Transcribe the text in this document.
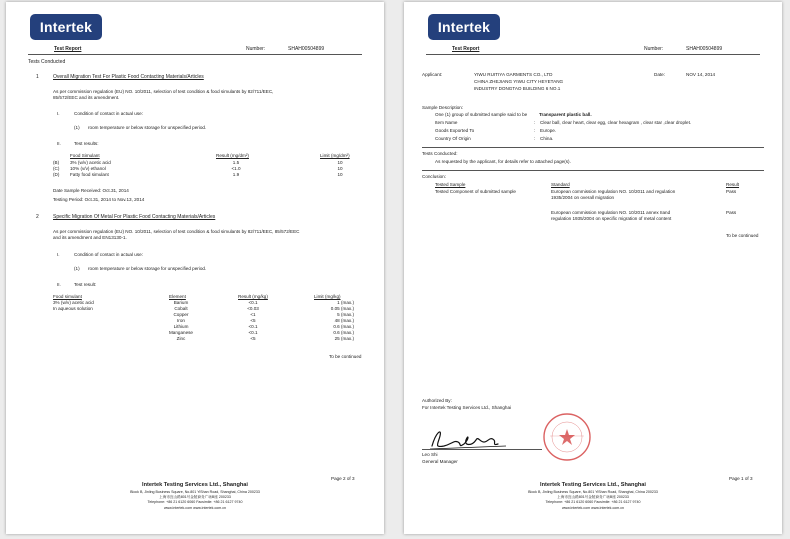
Intertek
Test Report	Number:	SHAH00504899
Tests Conducted
1	Overall Migration Test For Plastic Food Contacting Materials/Articles
As per commission regulation (EU) NO. 10/2011, selection of test condition & food simulants by 82/711/EEC,
85/572/EEC and its amendment.
I.	Condition of contact in actual use:
(1) room temperature or below storage for unspecified period.
II.	Test results:
Food Simulant	Result (mg/dm²)	Limit (mg/dm²)
(B) 3% (w/v) acetic acid	1.5	10
(C) 10% (v/v) ethanol	<1.0	10
(D) Fatty food simulant	1.9	10
Date Sample Received: Oct.31, 2014
Testing Period: Oct.31, 2014 to Nov.13, 2014
2	Specific Migration Of Metal For Plastic Food Contacting Materials/Articles
As per commission regulation (EU) NO. 10/2011, selection of test condition & food simulants by 82/711/EEC, 85/572/EEC
and its amendment and EN13130-1.
I.	Condition of contact in actual use:
(1) room temperature or below storage for unspecified period.
II.	Test result:
Food simulant	Element	Result (mg/kg)	Limit (mg/kg)
3% (w/v) acetic acid
In aqueous solution
Barium	<0.1	1 (max.)
Cobalt	<0.03	0.05 (max.)
Copper	<1	5 (max.)
Iron	<5	48 (max.)
Lithium	<0.1	0.6 (max.)
Manganese	<0.1	0.6 (max.)
Zinc	<5	25 (max.)
To be continued
Page 2 of 3
Intertek Testing Services Ltd., Shanghai
Block B, Jinling Business Square, No.801 YiShan Road, Shanghai, China 200233
上海市宜山路801号金陵商务广场B座 200233
Telephone: +86 21 6120 6060 Facsimile: +86 21 6127 9740
www.intertek.com www.intertek.com.cn
Intertek
Test Report	Number:	SHAH00504899
Applicant:	YIWU RUITIYA GARMENTS CO., LTD
CHINA ZHEJIANG YIWU CITY HEYETANG
INDUSTRY DONGTAO BUILDING 6 NO.1
Date:	NOV 14, 2014
Sample Description:
One (1) group of submitted sample said to be	Transparent plastic ball.
Item Name	: Clear ball, clear heart, clear egg, clear hexagram , clear star ,clear droplet.
Goods Exported To	: Europe.
Country Of Origin	: China.
Tests Conducted:
As requested by the applicant, for details refer to attached page(s).
Conclusion:
Tested Sample	Standard	Result
Tested Component of submitted sample	European commission regulation NO. 10/2011 and regulation
1935/2004 on overall migration
Pass
European commission regulation NO. 10/2011 annex IIand
regulation 1935/2004 on specific migration of metal content
Pass
To be continued
Authorized By:
For Intertek Testing Services Ltd., Shanghai
Leo Shi
General Manager
Page 1 of 3
Intertek Testing Services Ltd., Shanghai
Block B, Jinling Business Square, No.801 YiShan Road, Shanghai, China 200233
上海市宜山路801号金陵商务广场B座 200233
Telephone: +86 21 6120 6060 Facsimile: +86 21 6127 9740
www.intertek.com www.intertek.com.cn
